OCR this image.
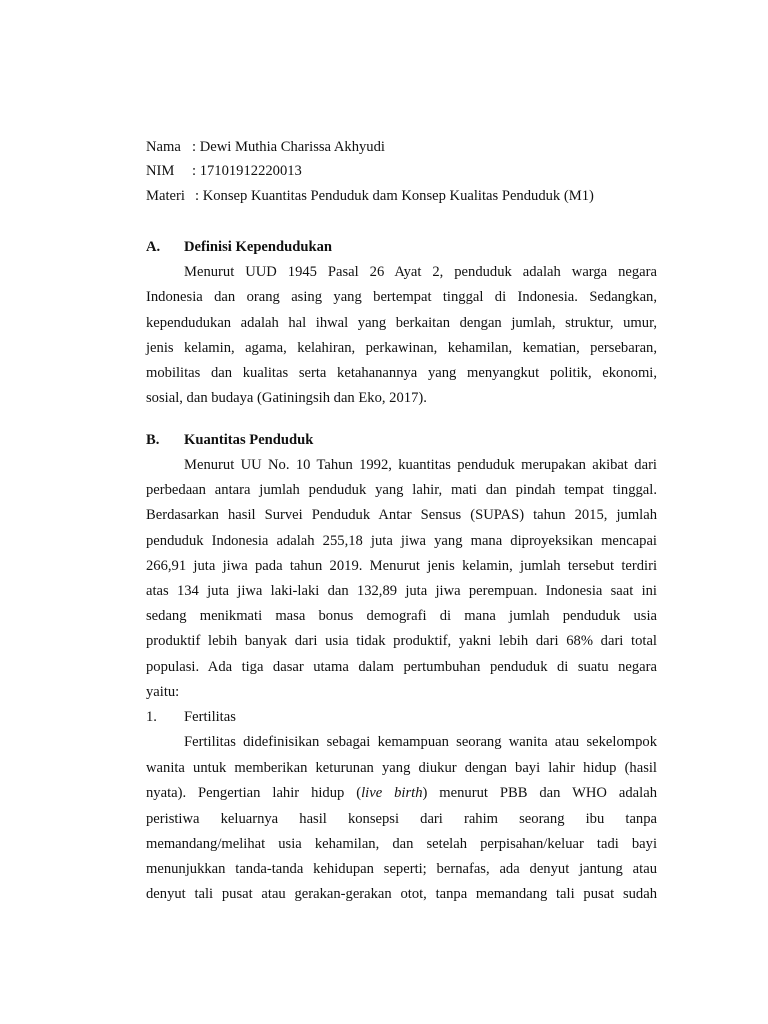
Nama : Dewi Muthia Charissa Akhyudi
NIM : 17101912220013
Materi : Konsep Kuantitas Penduduk dam Konsep Kualitas Penduduk (M1)
A. Definisi Kependudukan
Menurut UUD 1945 Pasal 26 Ayat 2, penduduk adalah warga negara
Indonesia dan orang asing yang bertempat tinggal di Indonesia. Sedangkan,
kependudukan adalah hal ihwal yang berkaitan dengan jumlah, struktur, umur,
jenis kelamin, agama, kelahiran, perkawinan, kehamilan, kematian, persebaran,
mobilitas dan kualitas serta ketahanannya yang menyangkut politik, ekonomi,
sosial, dan budaya (Gatiningsih dan Eko, 2017).
B. Kuantitas Penduduk
Menurut UU No. 10 Tahun 1992, kuantitas penduduk merupakan akibat dari
perbedaan antara jumlah penduduk yang lahir, mati dan pindah tempat tinggal.
Berdasarkan hasil Survei Penduduk Antar Sensus (SUPAS) tahun 2015, jumlah
penduduk Indonesia adalah 255,18 juta jiwa yang mana diproyeksikan mencapai
266,91 juta jiwa pada tahun 2019. Menurut jenis kelamin, jumlah tersebut terdiri
atas 134 juta jiwa laki-laki dan 132,89 juta jiwa perempuan. Indonesia saat ini
sedang menikmati masa bonus demografi di mana jumlah penduduk usia
produktif lebih banyak dari usia tidak produktif, yakni lebih dari 68% dari total
populasi. Ada tiga dasar utama dalam pertumbuhan penduduk di suatu negara
yaitu:
1. Fertilitas
Fertilitas didefinisikan sebagai kemampuan seorang wanita atau sekelompok
wanita untuk memberikan keturunan yang diukur dengan bayi lahir hidup (hasil
nyata). Pengertian lahir hidup (live birth) menurut PBB dan WHO adalah
peristiwa keluarnya hasil konsepsi dari rahim seorang ibu tanpa
memandang/melihat usia kehamilan, dan setelah perpisahan/keluar tadi bayi
menunjukkan tanda-tanda kehidupan seperti; bernafas, ada denyut jantung atau
denyut tali pusat atau gerakan-gerakan otot, tanpa memandang tali pusat sudah
